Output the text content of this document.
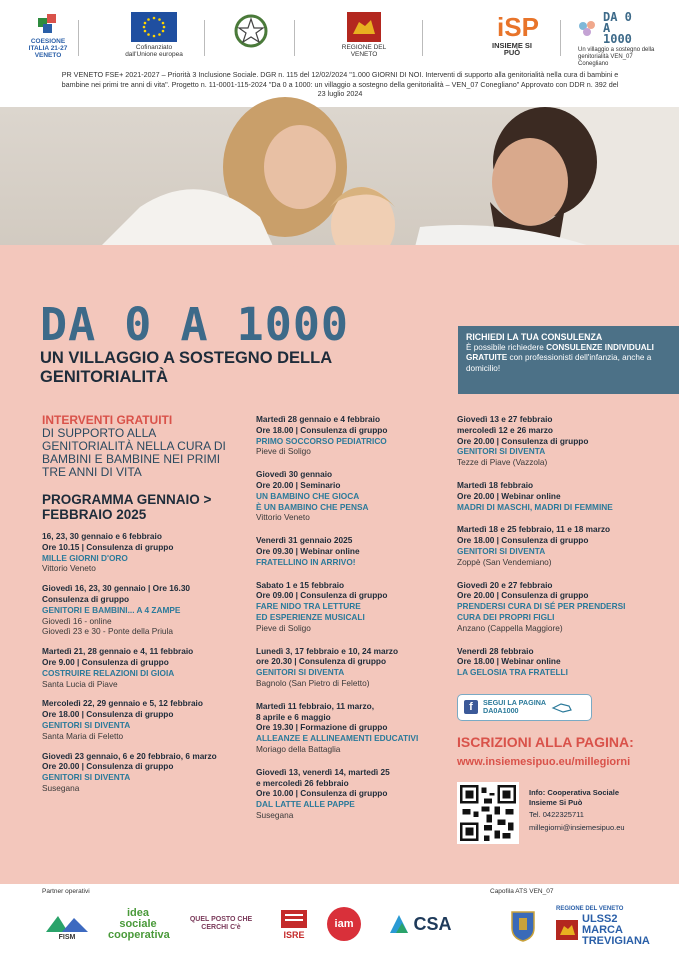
COESIONE ITALIA 21-27 VENETO
Cofinanziato dall'Unione europea
REGIONE DEL VENETO
iSP
INSIEME SI PUÒ
DA 0 A 1000
Un villaggio a sostegno della genitorialità VEN_07 Conegliano
PR VENETO FSE+ 2021-2027 – Priorità 3 Inclusione Sociale. DGR n. 115 del 12/02/2024 "1.000 GIORNI DI NOI. Interventi di supporto alla genitorialità nella cura di bambini e bambine nei primi tre anni di vita". Progetto n. 11-0001-115-2024 "Da 0 a 1000: un villaggio a sostegno della genitorialità – VEN_07 Conegliano" Approvato con DDR n. 392 del 23 luglio 2024
DA 0 A 1000
UN VILLAGGIO A SOSTEGNO DELLA GENITORIALITÀ
RICHIEDI LA TUA CONSULENZA
È possibile richiedere CONSULENZE INDIVIDUALI GRATUITE con professionisti dell'infanzia, anche a domicilio!
INTERVENTI GRATUITI
DI SUPPORTO ALLA GENITORIALITÀ NELLA CURA DI BAMBINI E BAMBINE NEI PRIMI TRE ANNI DI VITA
PROGRAMMA GENNAIO > FEBBRAIO 2025
16, 23, 30 gennaio e 6 febbraio
Ore 10.15 | Consulenza di gruppo
MILLE GIORNI D'ORO
Vittorio Veneto
Giovedì 16, 23, 30 gennaio | Ore 16.30
Consulenza di gruppo
GENITORI E BAMBINI... A 4 ZAMPE
Giovedì 16 - online
Giovedì 23 e 30 - Ponte della Priula
Martedì 21, 28 gennaio e 4, 11 febbraio
Ore 9.00 | Consulenza di gruppo
COSTRUIRE RELAZIONI DI GIOIA
Santa Lucia di Piave
Mercoledì 22, 29 gennaio e 5, 12 febbraio
Ore 18.00 | Consulenza di gruppo
GENITORI SI DIVENTA
Santa Maria di Feletto
Giovedì 23 gennaio, 6 e 20 febbraio, 6 marzo
Ore 20.00 | Consulenza di gruppo
GENITORI SI DIVENTA
Susegana
Martedì 28 gennaio e 4 febbraio
Ore 18.00 | Consulenza di gruppo
PRIMO SOCCORSO PEDIATRICO
Pieve di Soligo
Giovedì 30 gennaio
Ore 20.00 | Seminario
UN BAMBINO CHE GIOCA
È UN BAMBINO CHE PENSA
Vittorio Veneto
Venerdì 31 gennaio 2025
Ore 09.30 | Webinar online
FRATELLINO IN ARRIVO!
Sabato 1 e 15 febbraio
Ore 09.00 | Consulenza di gruppo
FARE NIDO TRA LETTURE
ED ESPERIENZE MUSICALI
Pieve di Soligo
Lunedì 3, 17 febbraio e 10, 24 marzo
ore 20.30 | Consulenza di gruppo
GENITORI SI DIVENTA
Bagnolo (San Pietro di Feletto)
Martedì 11 febbraio, 11 marzo,
8 aprile e 6 maggio
Ore 19.30 | Formazione di gruppo
ALLEANZE E ALLINEAMENTI EDUCATIVI
Moriago della Battaglia
Giovedì 13, venerdì 14, martedì 25
e mercoledì 26 febbraio
Ore 10.00 | Consulenza di gruppo
DAL LATTE ALLE PAPPE
Susegana
Giovedì 13 e 27 febbraio
mercoledì 12 e 26 marzo
Ore 20.00 | Consulenza di gruppo
GENITORI SI DIVENTA
Tezze di Piave (Vazzola)
Martedì 18 febbraio
Ore 20.00 | Webinar online
MADRI DI MASCHI, MADRI DI FEMMINE
Martedì 18 e 25 febbraio, 11 e 18 marzo
Ore 18.00 | Consulenza di gruppo
GENITORI SI DIVENTA
Zoppè (San Vendemiano)
Giovedì 20 e 27 febbraio
Ore 20.00 | Consulenza di gruppo
PRENDERSI CURA DI SÉ PER PRENDERSI
CURA DEI PROPRI FIGLI
Anzano (Cappella Maggiore)
Venerdì 28 febbraio
Ore 18.00 | Webinar online
LA GELOSIA TRA FRATELLI
f	SEGUI LA PAGINA
DA0A1000
ISCRIZIONI ALLA PAGINA:
www.insiemesipuo.eu/millegiorni
Info: Cooperativa Sociale
Insieme Si Può
Tel. 0422325711
millegiorni@insiemesipuo.eu
Partner operativi	Capofila ATS VEN_07
FISM
idea sociale cooperativa
QUEL POSTO CHE CERCHI C'è
ISRE
iam	CSA
REGIONE DEL VENETO
ULSS2 MARCA TREVIGIANA
